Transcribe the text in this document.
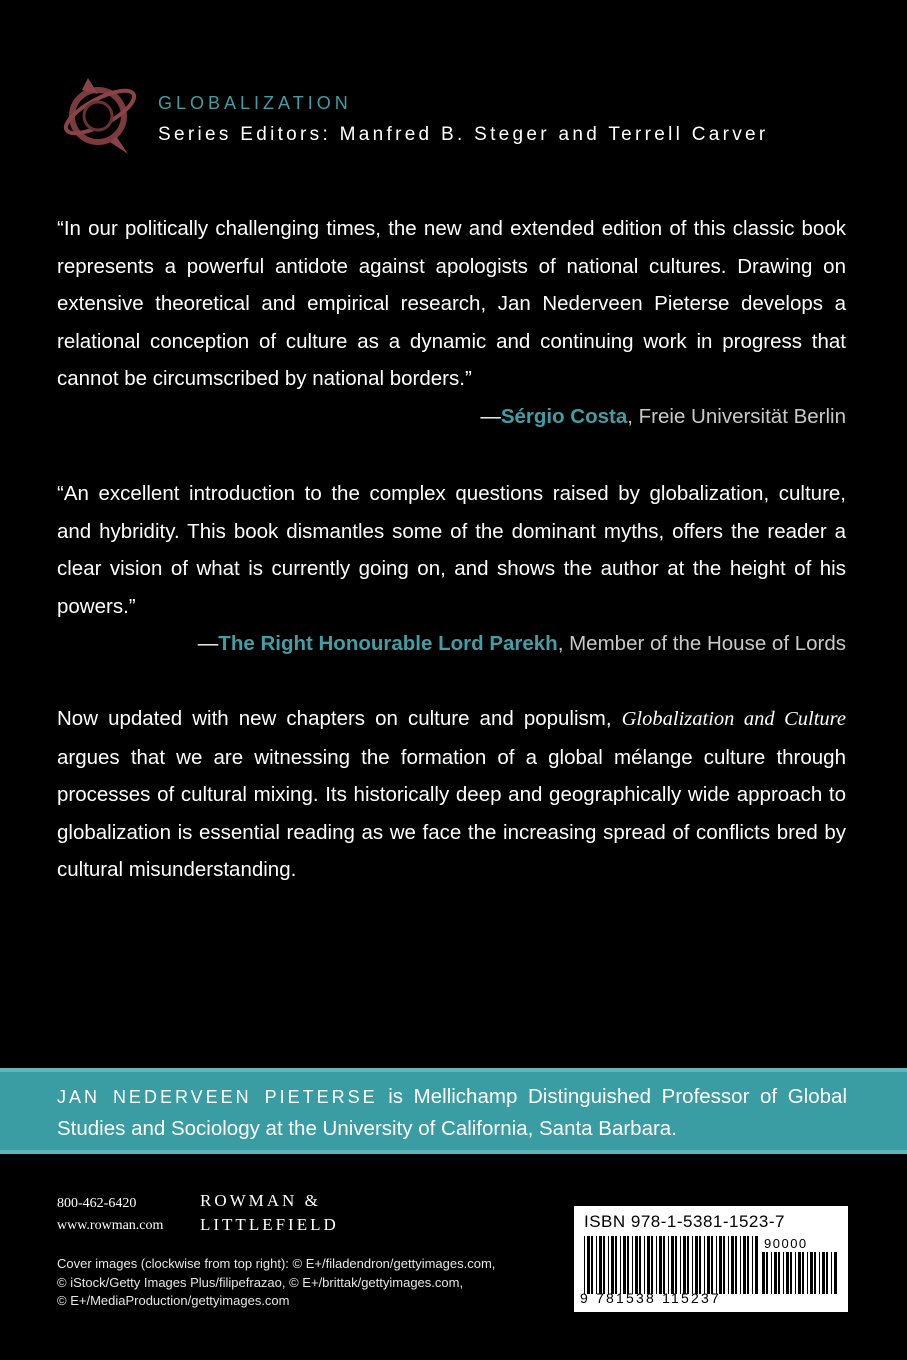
GLOBALIZATION
Series Editors: Manfred B. Steger and Terrell Carver
“In our politically challenging times, the new and extended edition of this classic book represents a powerful antidote against apologists of national cultures. Drawing on extensive theoretical and empirical research, Jan Nederveen Pieterse develops a relational conception of culture as a dynamic and continuing work in progress that cannot be circumscribed by national borders.”
—Sérgio Costa, Freie Universität Berlin
“An excellent introduction to the complex questions raised by globalization, culture, and hybridity. This book dismantles some of the dominant myths, offers the reader a clear vision of what is currently going on, and shows the author at the height of his powers.”
—The Right Honourable Lord Parekh, Member of the House of Lords
Now updated with new chapters on culture and populism, Globalization and Culture argues that we are witnessing the formation of a global mélange culture through processes of cultural mixing. Its historically deep and geographically wide approach to globalization is essential reading as we face the increasing spread of conflicts bred by cultural misunderstanding.
JAN NEDERVEEN PIETERSE is Mellichamp Distinguished Professor of Global Studies and Sociology at the University of California, Santa Barbara.
800-462-6420
www.rowman.com
ROWMAN &
LITTLEFIELD
Cover images (clockwise from top right): © E+/filadendron/gettyimages.com,
© iStock/Getty Images Plus/filipefrazao, © E+/brittak/gettyimages.com,
© E+/MediaProduction/gettyimages.com
ISBN 978-1-5381-1523-7
90000
9 781538 115237
